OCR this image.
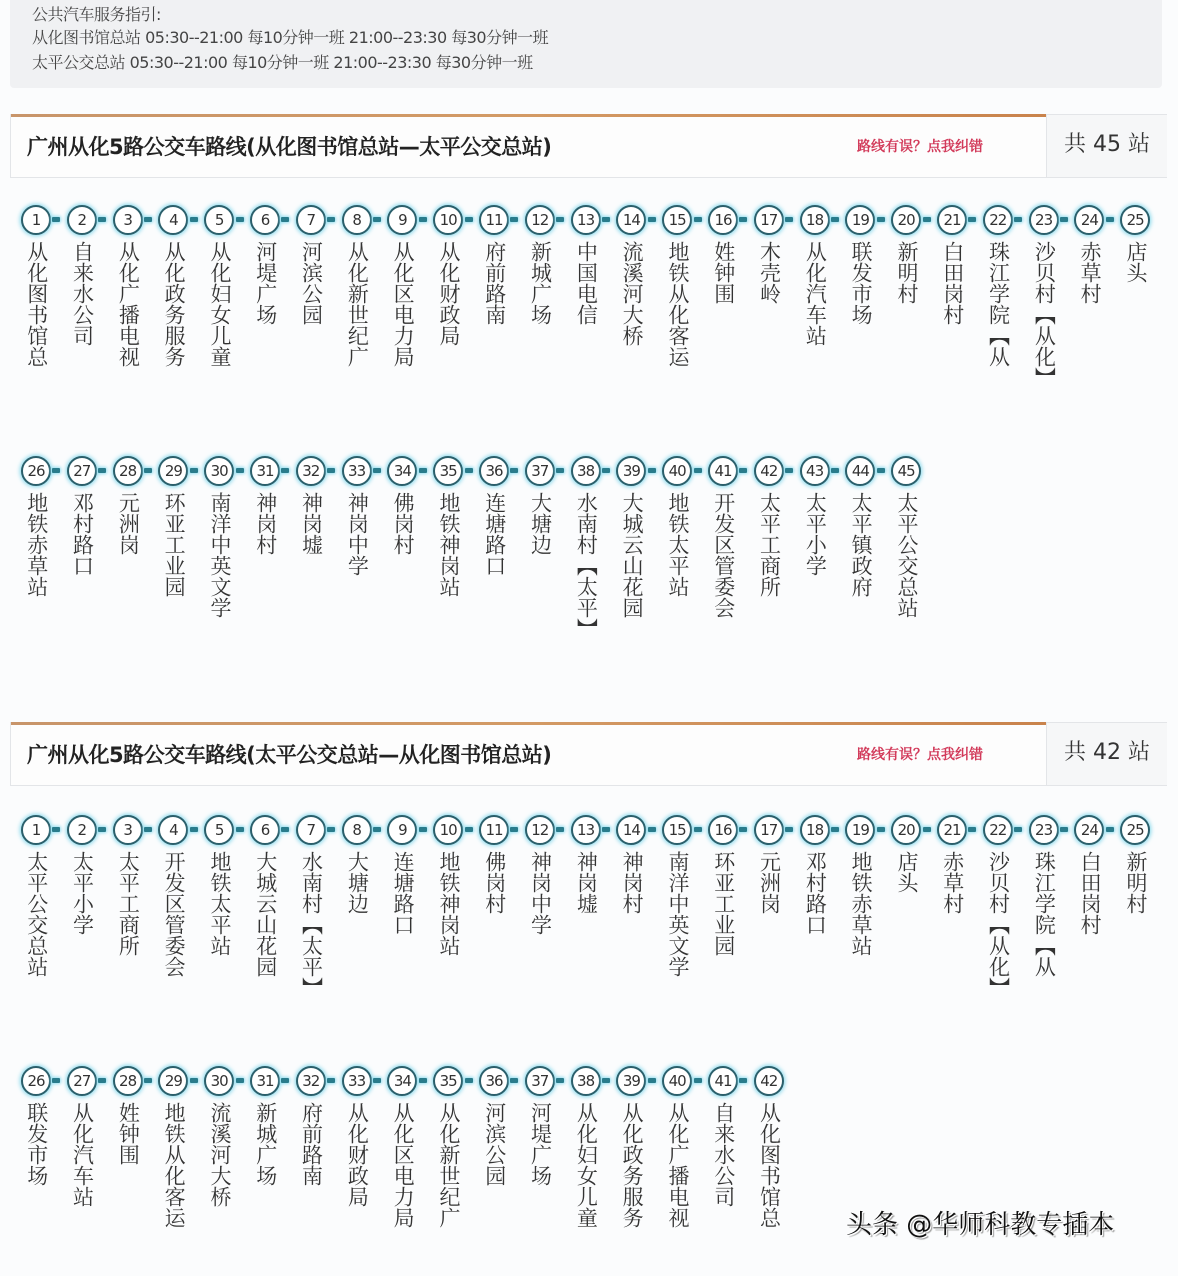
公共汽车服务指引:
从化图书馆总站 05:30--21:00 每10分钟一班 21:00--23:30 每30分钟一班
太平公交总站 05:30--21:00 每10分钟一班 21:00--23:30 每30分钟一班
广州从化5路公交车路线(从化图书馆总站—太平公交总站)	路线有误？点我纠错	共 45 站
1
从化图书馆总
2
自来水公司
3
从化广播电视
4
从化政务服务
5
从化妇女儿童
6
河堤广场
7
河滨公园
8
从化新世纪广
9
从化区电力局
10
从化财政局
11
府前路南
12
新城广场
13
中国电信
14
流溪河大桥
15
地铁从化客运
16
姓钟围
17
木壳岭
18
从化汽车站
19
联发市场
20
新明村
21
白田岗村
22
珠江学院【从
23
沙贝村【从化】
24
赤草村
25
店头
26
地铁赤草站
27
邓村路口
28
元洲岗
29
环亚工业园
30
南洋中英文学
31
神岗村
32
神岗墟
33
神岗中学
34
佛岗村
35
地铁神岗站
36
连塘路口
37
大塘边
38
水南村【太平】
39
大城云山花园
40
地铁太平站
41
开发区管委会
42
太平工商所
43
太平小学
44
太平镇政府
45
太平公交总站
广州从化5路公交车路线(太平公交总站—从化图书馆总站)	路线有误？点我纠错	共 42 站
1
太平公交总站
2
太平小学
3
太平工商所
4
开发区管委会
5
地铁太平站
6
大城云山花园
7
水南村【太平】
8
大塘边
9
连塘路口
10
地铁神岗站
11
佛岗村
12
神岗中学
13
神岗墟
14
神岗村
15
南洋中英文学
16
环亚工业园
17
元洲岗
18
邓村路口
19
地铁赤草站
20
店头
21
赤草村
22
沙贝村【从化】
23
珠江学院【从
24
白田岗村
25
新明村
26
联发市场
27
从化汽车站
28
姓钟围
29
地铁从化客运
30
流溪河大桥
31
新城广场
32
府前路南
33
从化财政局
34
从化区电力局
35
从化新世纪广
36
河滨公园
37
河堤广场
38
从化妇女儿童
39
从化政务服务
40
从化广播电视
41
自来水公司
42
从化图书馆总 头条 @华师科教专插本
